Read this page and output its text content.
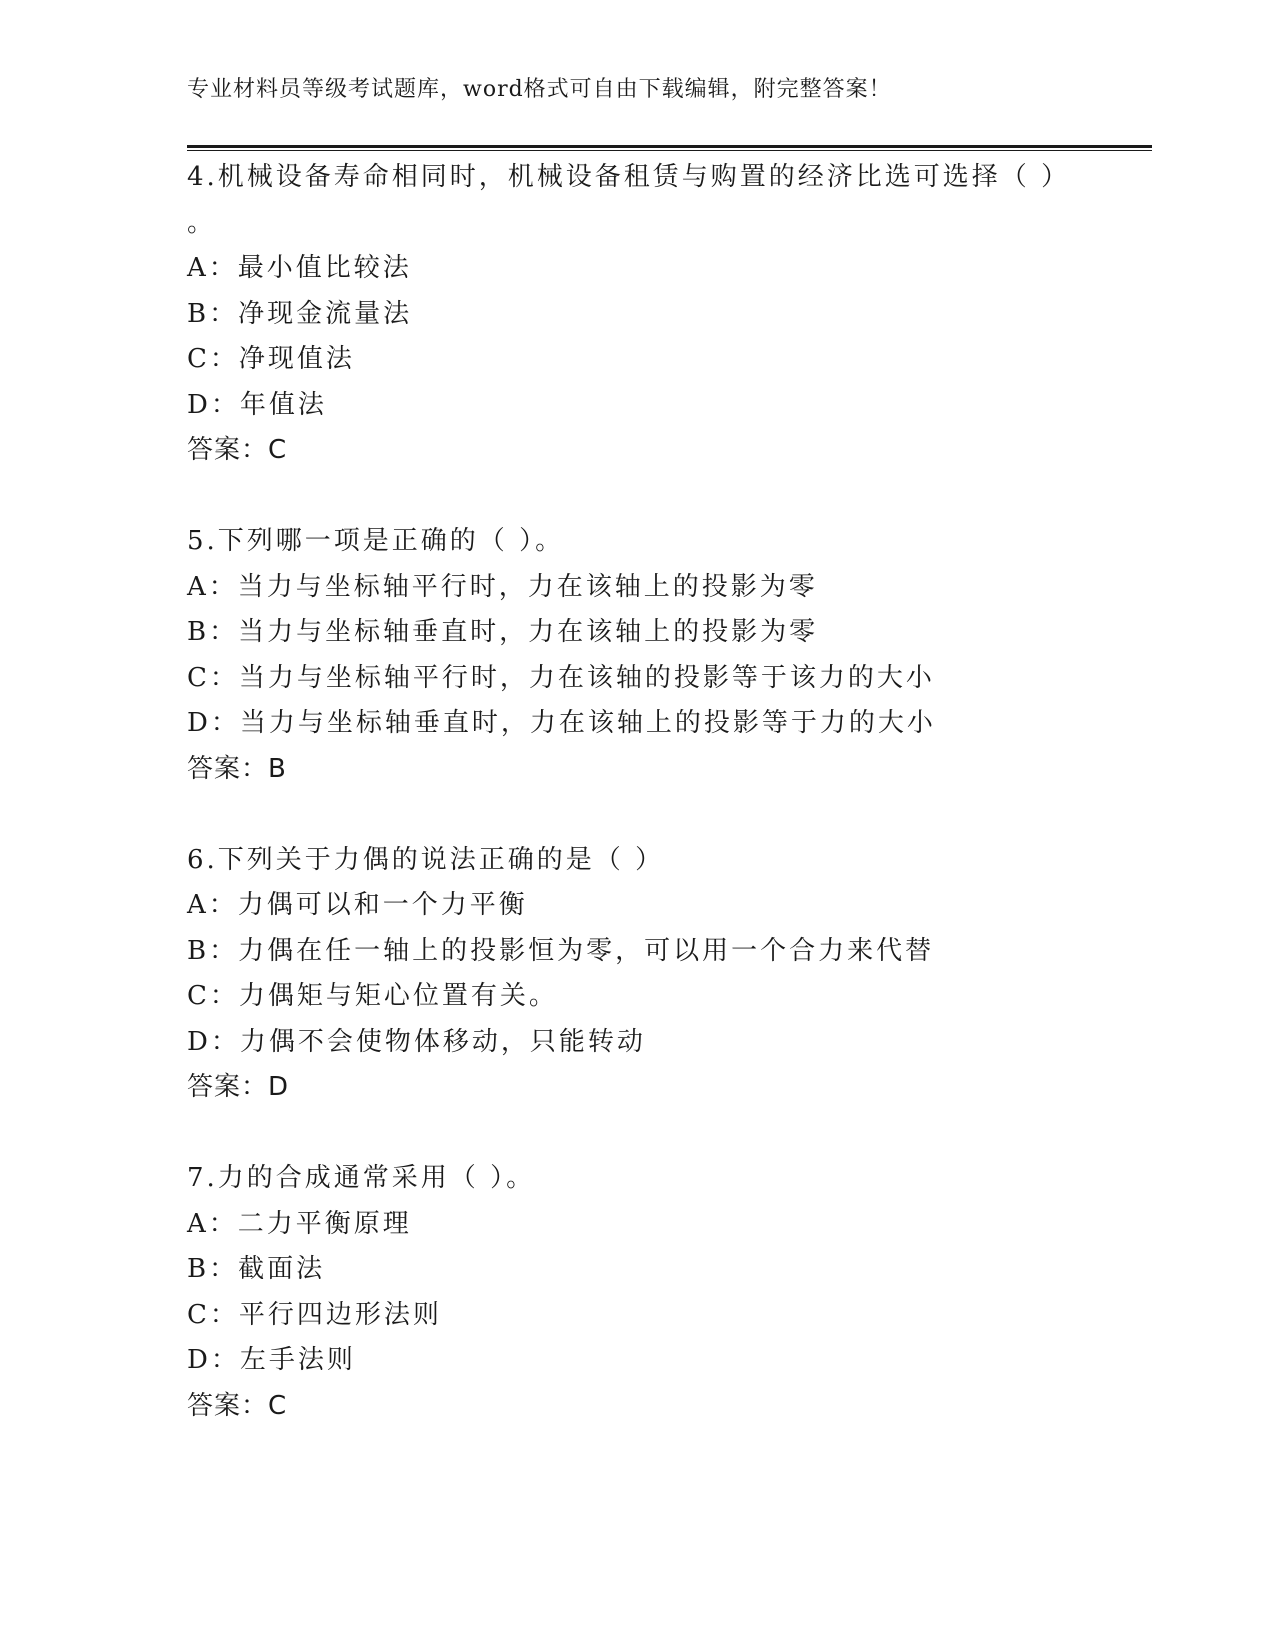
专业材料员等级考试题库，word格式可自由下载编辑，附完整答案！
4.机械设备寿命相同时，机械设备租赁与购置的经济比选可选择（ ）
。
A：最小值比较法
B：净现金流量法
C：净现值法
D：年值法
答案：C
5.下列哪一项是正确的（ ）。
A：当力与坐标轴平行时，力在该轴上的投影为零
B：当力与坐标轴垂直时，力在该轴上的投影为零
C：当力与坐标轴平行时，力在该轴的投影等于该力的大小
D：当力与坐标轴垂直时，力在该轴上的投影等于力的大小
答案：B
6.下列关于力偶的说法正确的是（ ）
A：力偶可以和一个力平衡
B：力偶在任一轴上的投影恒为零，可以用一个合力来代替
C：力偶矩与矩心位置有关。
D：力偶不会使物体移动，只能转动
答案：D
7.力的合成通常采用（ ）。
A：二力平衡原理
B：截面法
C：平行四边形法则
D：左手法则
答案：C
